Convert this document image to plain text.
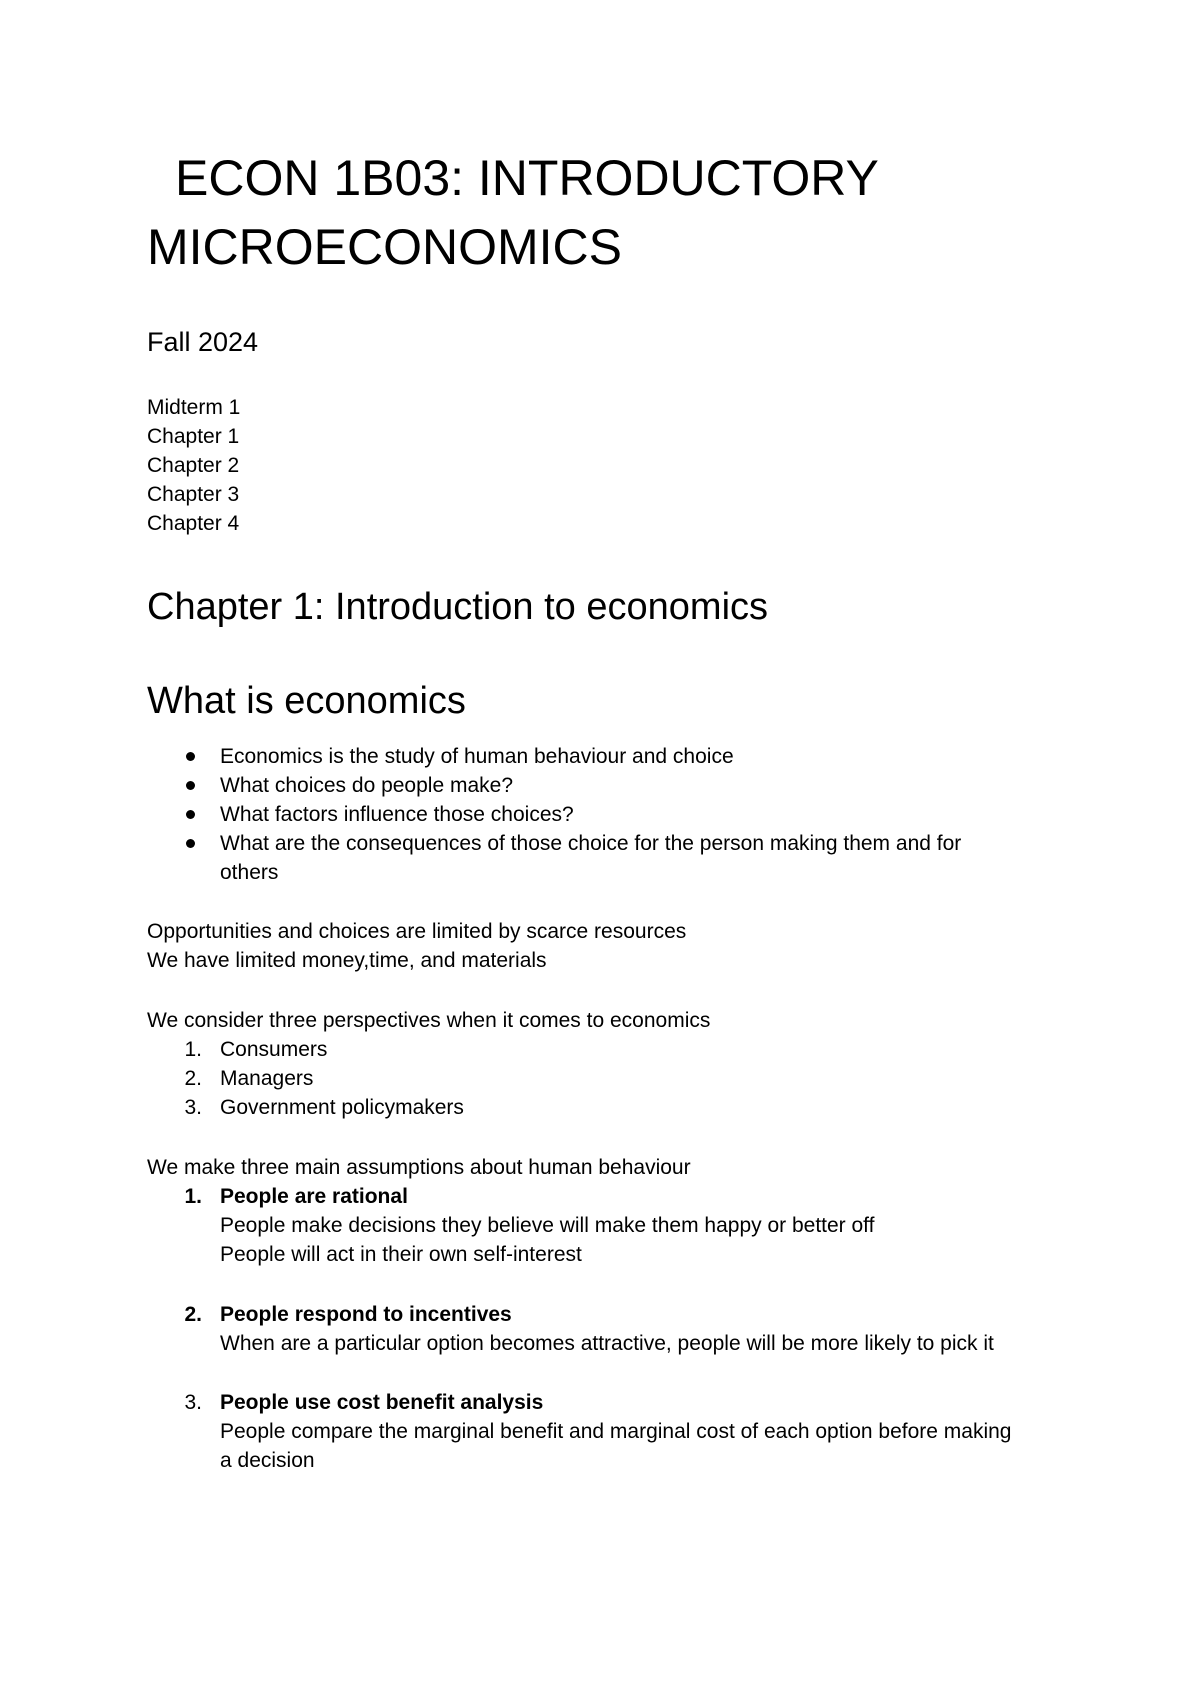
ECON 1B03: INTRODUCTORY
MICROECONOMICS
Fall 2024
Midterm 1
Chapter 1
Chapter 2
Chapter 3
Chapter 4
Chapter 1: Introduction to economics
What is economics
Economics is the study of human behaviour and choice
What choices do people make?
What factors influence those choices?
What are the consequences of those choice for the person making them and for
others
Opportunities and choices are limited by scarce resources
We have limited money,time, and materials
We consider three perspectives when it comes to economics
1. Consumers
2. Managers
3. Government policymakers
We make three main assumptions about human behaviour
1. People are rational
People make decisions they believe will make them happy or better off
People will act in their own self-interest
2. People respond to incentives
When are a particular option becomes attractive, people will be more likely to pick it
3. People use cost benefit analysis
People compare the marginal benefit and marginal cost of each option before making
a decision
